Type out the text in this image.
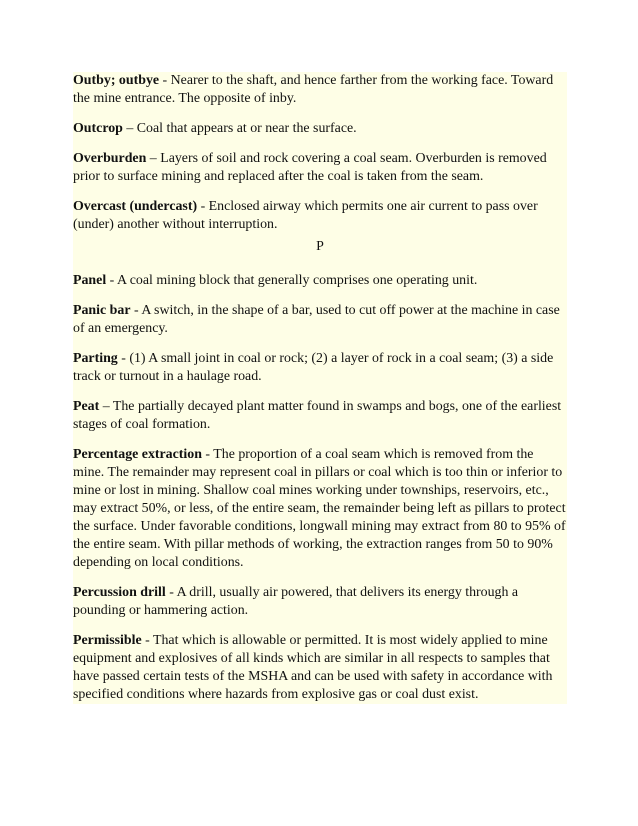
Outby; outbye - Nearer to the shaft, and hence farther from the working face. Toward the mine entrance. The opposite of inby.

Outcrop – Coal that appears at or near the surface.

Overburden – Layers of soil and rock covering a coal seam. Overburden is removed prior to surface mining and replaced after the coal is taken from the seam.

Overcast (undercast) - Enclosed airway which permits one air current to pass over (under) another without interruption.

P

Panel - A coal mining block that generally comprises one operating unit.

Panic bar - A switch, in the shape of a bar, used to cut off power at the machine in case of an emergency.

Parting - (1) A small joint in coal or rock; (2) a layer of rock in a coal seam; (3) a side track or turnout in a haulage road.

Peat – The partially decayed plant matter found in swamps and bogs, one of the earliest stages of coal formation.

Percentage extraction - The proportion of a coal seam which is removed from the mine. The remainder may represent coal in pillars or coal which is too thin or inferior to mine or lost in mining. Shallow coal mines working under townships, reservoirs, etc., may extract 50%, or less, of the entire seam, the remainder being left as pillars to protect the surface. Under favorable conditions, longwall mining may extract from 80 to 95% of the entire seam. With pillar methods of working, the extraction ranges from 50 to 90% depending on local conditions.

Percussion drill - A drill, usually air powered, that delivers its energy through a pounding or hammering action.

Permissible - That which is allowable or permitted. It is most widely applied to mine equipment and explosives of all kinds which are similar in all respects to samples that have passed certain tests of the MSHA and can be used with safety in accordance with specified conditions where hazards from explosive gas or coal dust exist.
